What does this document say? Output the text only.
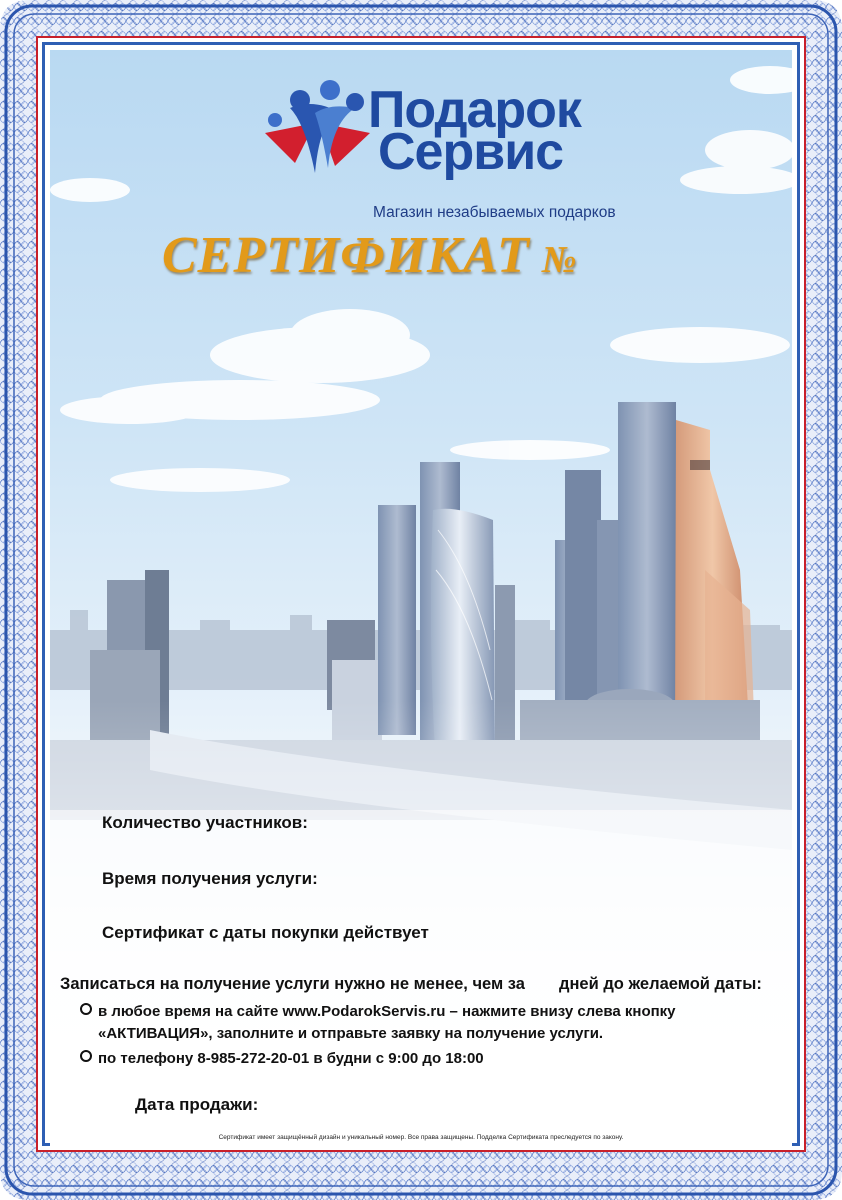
Подарок
Сервис
Магазин незабываемых подарков
СЕРТИФИКАТ №
Количество участников:
Время получения услуги:
Сертификат с даты покупки действует
Записаться на получение услуги нужно не менее, чем за дней до желаемой даты:
в любое время на сайте www.PodarokServis.ru – нажмите внизу слева кнопку
«АКТИВАЦИЯ», заполните и отправьте заявку на получение услуги.
по телефону 8-985-272-20-01 в будни с 9:00 до 18:00
Дата продажи:
Сертификат имеет защищённый дизайн и уникальный номер. Все права защищены. Подделка Сертификата преследуется по закону.
